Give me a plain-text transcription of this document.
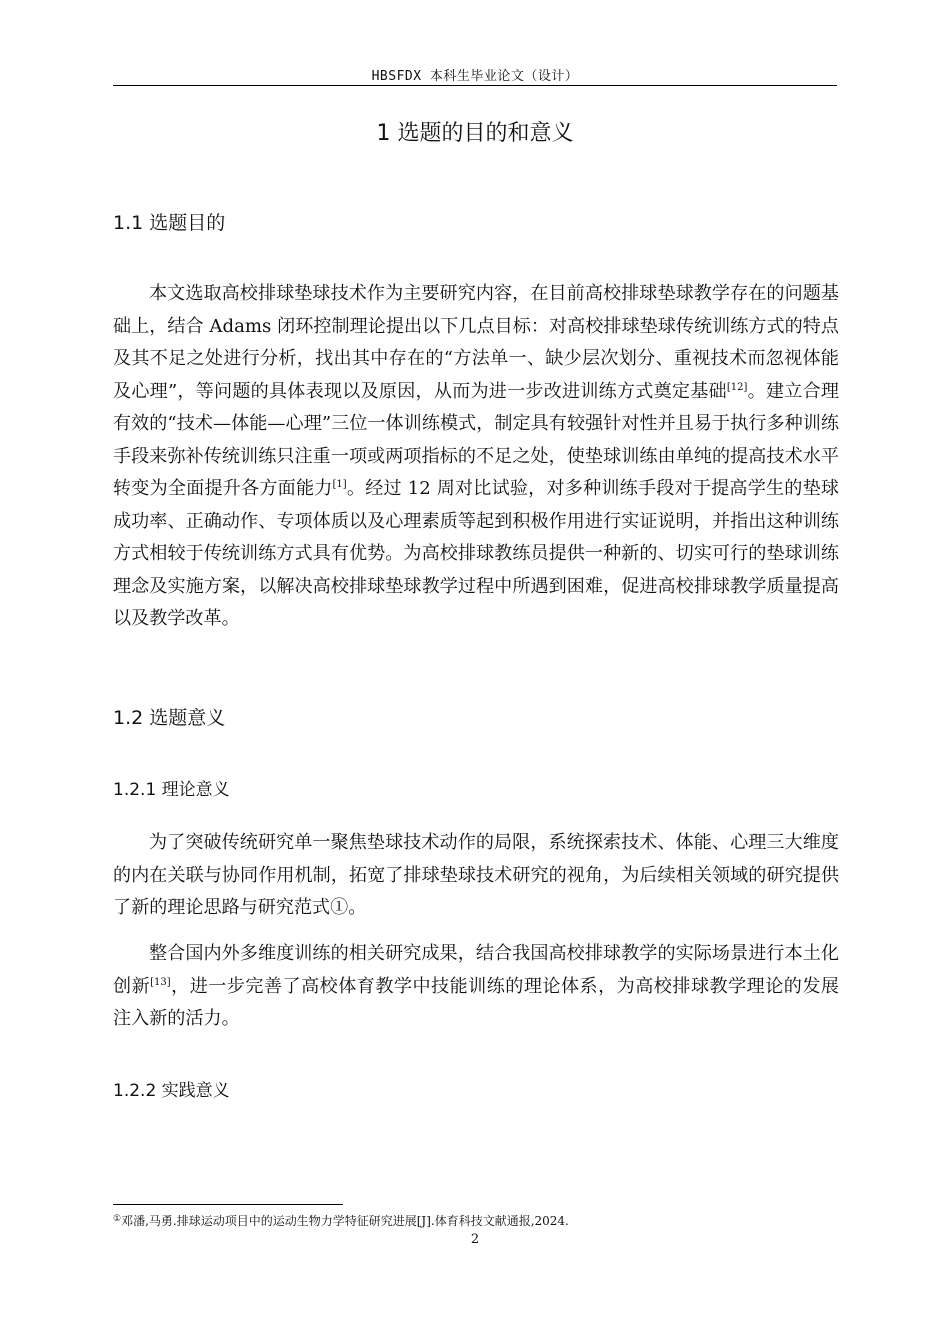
HBSFDX 本科生毕业论文（设计）
1 选题的目的和意义
1.1 选题目的

本文选取高校排球垫球技术作为主要研究内容，在目前高校排球垫球教学存在的问题基础上，结合 Adams 闭环控制理论提出以下几点目标：对高校排球垫球传统训练方式的特点及其不足之处进行分析，找出其中存在的“方法单一、缺少层次划分、重视技术而忽视体能及心理”，等问题的具体表现以及原因，从而为进一步改进训练方式奠定基础[12]。建立合理有效的“技术—体能—心理”三位一体训练模式，制定具有较强针对性并且易于执行多种训练手段来弥补传统训练只注重一项或两项指标的不足之处，使垫球训练由单纯的提高技术水平转变为全面提升各方面能力[1]。经过 12 周对比试验，对多种训练手段对于提高学生的垫球成功率、正确动作、专项体质以及心理素质等起到积极作用进行实证说明，并指出这种训练方式相较于传统训练方式具有优势。为高校排球教练员提供一种新的、切实可行的垫球训练理念及实施方案，以解决高校排球垫球教学过程中所遇到困难，促进高校排球教学质量提高以及教学改革。

1.2 选题意义
1.2.1 理论意义

为了突破传统研究单一聚焦垫球技术动作的局限，系统探索技术、体能、心理三大维度的内在关联与协同作用机制，拓宽了排球垫球技术研究的视角，为后续相关领域的研究提供了新的理论思路与研究范式①。

整合国内外多维度训练的相关研究成果，结合我国高校排球教学的实际场景进行本土化创新[13]，进一步完善了高校体育教学中技能训练的理论体系，为高校排球教学理论的发展注入新的活力。

1.2.2 实践意义
①邓潘,马勇.排球运动项目中的运动生物力学特征研究进展[J].体育科技文献通报,2024.
2
